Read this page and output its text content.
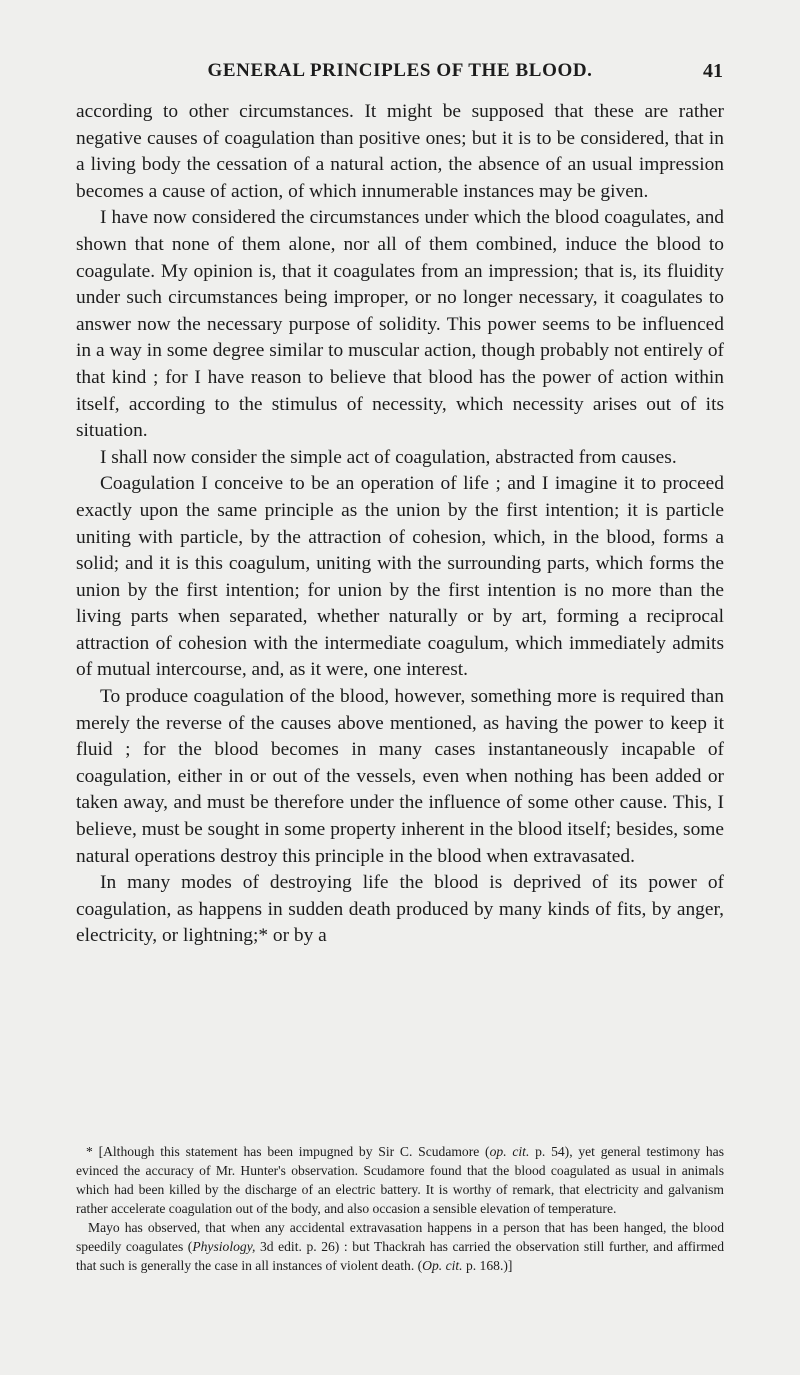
GENERAL PRINCIPLES OF THE BLOOD.	41

according to other circumstances. It might be supposed that these are rather negative causes of coagulation than positive ones; but it is to be considered, that in a living body the cessation of a natural action, the absence of an usual impression becomes a cause of action, of which innumerable instances may be given.

I have now considered the circumstances under which the blood coagulates, and shown that none of them alone, nor all of them combined, induce the blood to coagulate. My opinion is, that it coagulates from an impression; that is, its fluidity under such circumstances being improper, or no longer necessary, it coagulates to answer now the necessary purpose of solidity. This power seems to be influenced in a way in some degree similar to muscular action, though probably not entirely of that kind ; for I have reason to believe that blood has the power of action within itself, according to the stimulus of necessity, which necessity arises out of its situation.

I shall now consider the simple act of coagulation, abstracted from causes.

Coagulation I conceive to be an operation of life ; and I imagine it to proceed exactly upon the same principle as the union by the first intention; it is particle uniting with particle, by the attraction of cohesion, which, in the blood, forms a solid; and it is this coagulum, uniting with the surrounding parts, which forms the union by the first intention; for union by the first intention is no more than the living parts when separated, whether naturally or by art, forming a reciprocal attraction of cohesion with the intermediate coagulum, which immediately admits of mutual intercourse, and, as it were, one interest.

To produce coagulation of the blood, however, something more is required than merely the reverse of the causes above mentioned, as having the power to keep it fluid ; for the blood becomes in many cases instantaneously incapable of coagulation, either in or out of the vessels, even when nothing has been added or taken away, and must be therefore under the influence of some other cause. This, I believe, must be sought in some property inherent in the blood itself; besides, some natural operations destroy this principle in the blood when extravasated.

In many modes of destroying life the blood is deprived of its power of coagulation, as happens in sudden death produced by many kinds of fits, by anger, electricity, or lightning;* or by a

* [Although this statement has been impugned by Sir C. Scudamore (op. cit. p. 54), yet general testimony has evinced the accuracy of Mr. Hunter's observation. Scudamore found that the blood coagulated as usual in animals which had been killed by the discharge of an electric battery. It is worthy of remark, that electricity and galvanism rather accelerate coagulation out of the body, and also occasion a sensible elevation of temperature.

Mayo has observed, that when any accidental extravasation happens in a person that has been hanged, the blood speedily coagulates (Physiology, 3d edit. p. 26) : but Thackrah has carried the observation still further, and affirmed that such is generally the case in all instances of violent death. (Op. cit. p. 168.)]
